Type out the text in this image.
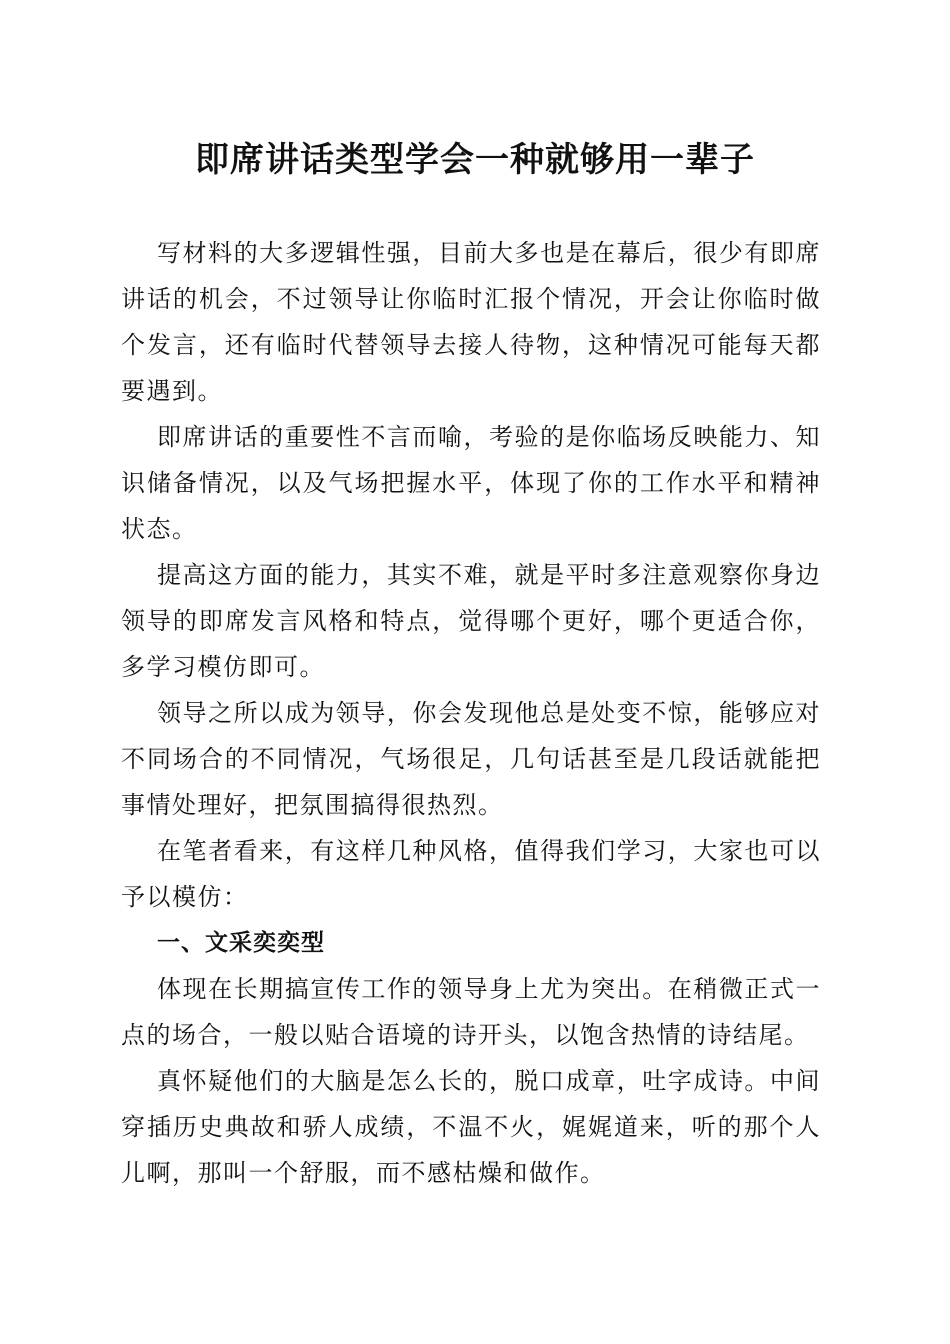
即席讲话类型学会一种就够用一辈子

写材料的大多逻辑性强，目前大多也是在幕后，很少有即席讲话的机会，不过领导让你临时汇报个情况，开会让你临时做个发言，还有临时代替领导去接人待物，这种情况可能每天都要遇到。

即席讲话的重要性不言而喻，考验的是你临场反映能力、知识储备情况，以及气场把握水平，体现了你的工作水平和精神状态。

提高这方面的能力，其实不难，就是平时多注意观察你身边领导的即席发言风格和特点，觉得哪个更好，哪个更适合你，多学习模仿即可。

领导之所以成为领导，你会发现他总是处变不惊，能够应对不同场合的不同情况，气场很足，几句话甚至是几段话就能把事情处理好，把氛围搞得很热烈。

在笔者看来，有这样几种风格，值得我们学习，大家也可以予以模仿：

一、文采奕奕型

体现在长期搞宣传工作的领导身上尤为突出。在稍微正式一点的场合，一般以贴合语境的诗开头，以饱含热情的诗结尾。

真怀疑他们的大脑是怎么长的，脱口成章，吐字成诗。中间穿插历史典故和骄人成绩，不温不火，娓娓道来，听的那个人儿啊，那叫一个舒服，而不感枯燥和做作。
